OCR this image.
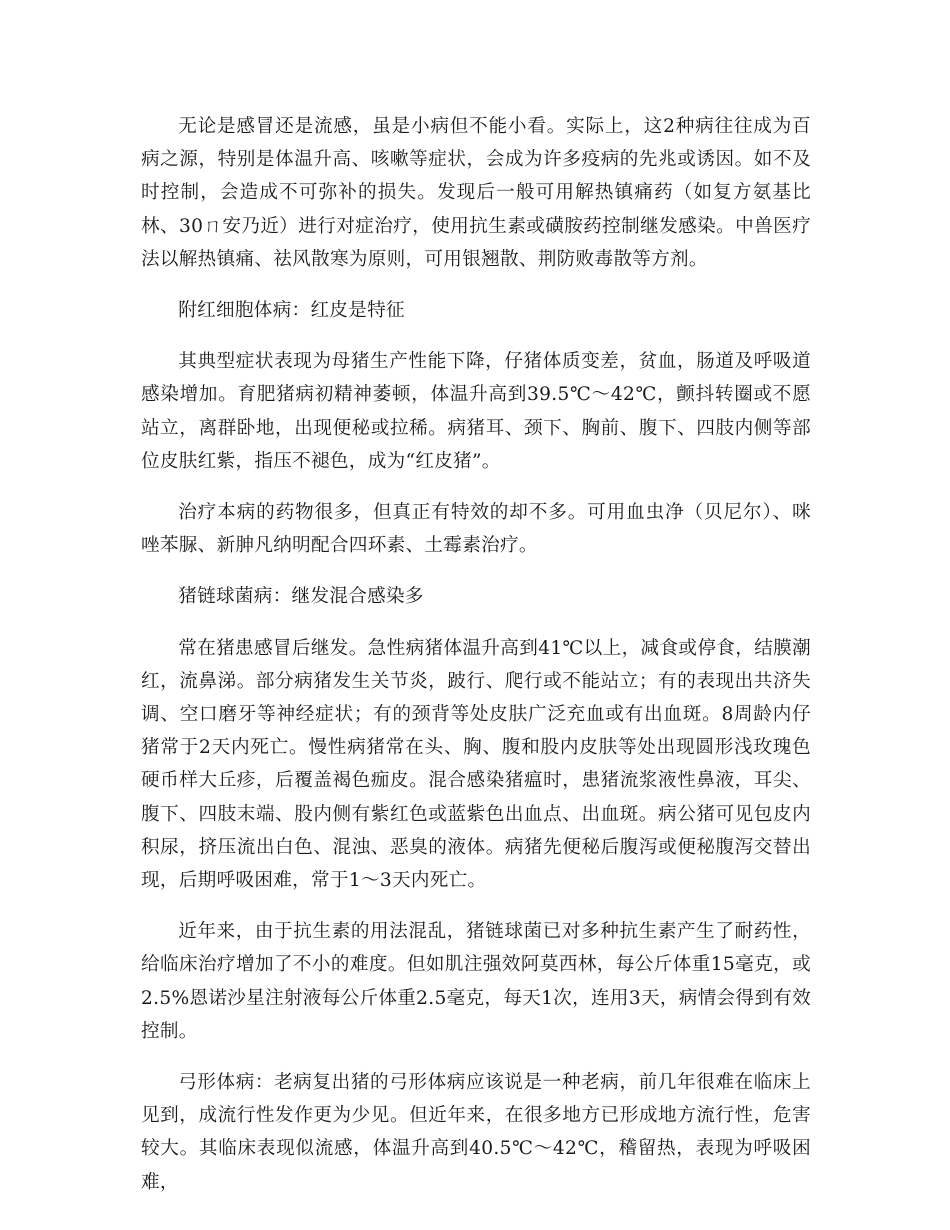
无论是感冒还是流感，虽是小病但不能小看。实际上，这2种病往往成为百病之源，特别是体温升高、咳嗽等症状，会成为许多疫病的先兆或诱因。如不及时控制，会造成不可弥补的损失。发现后一般可用解热镇痛药（如复方氨基比林、30ㄇ安乃近）进行对症治疗，使用抗生素或磺胺药控制继发感染。中兽医疗法以解热镇痛、祛风散寒为原则，可用银翘散、荆防败毒散等方剂。

附红细胞体病：红皮是特征

其典型症状表现为母猪生产性能下降，仔猪体质变差，贫血，肠道及呼吸道感染增加。育肥猪病初精神萎顿，体温升高到39.5℃～42℃，颤抖转圈或不愿站立，离群卧地，出现便秘或拉稀。病猪耳、颈下、胸前、腹下、四肢内侧等部位皮肤红紫，指压不褪色，成为“红皮猪”。

治疗本病的药物很多，但真正有特效的却不多。可用血虫净（贝尼尔）、咪唑苯脲、新胂凡纳明配合四环素、土霉素治疗。

猪链球菌病：继发混合感染多

常在猪患感冒后继发。急性病猪体温升高到41℃以上，减食或停食，结膜潮红，流鼻涕。部分病猪发生关节炎，跛行、爬行或不能站立；有的表现出共济失调、空口磨牙等神经症状；有的颈背等处皮肤广泛充血或有出血斑。8周龄内仔猪常于2天内死亡。慢性病猪常在头、胸、腹和股内皮肤等处出现圆形浅玫瑰色硬币样大丘疹，后覆盖褐色痂皮。混合感染猪瘟时，患猪流浆液性鼻液，耳尖、腹下、四肢末端、股内侧有紫红色或蓝紫色出血点、出血斑。病公猪可见包皮内积尿，挤压流出白色、混浊、恶臭的液体。病猪先便秘后腹泻或便秘腹泻交替出现，后期呼吸困难，常于1～3天内死亡。

近年来，由于抗生素的用法混乱，猪链球菌已对多种抗生素产生了耐药性，给临床治疗增加了不小的难度。但如肌注强效阿莫西林，每公斤体重15毫克，或2.5%恩诺沙星注射液每公斤体重2.5毫克，每天1次，连用3天，病情会得到有效控制。

弓形体病：老病复出猪的弓形体病应该说是一种老病，前几年很难在临床上见到，成流行性发作更为少见。但近年来，在很多地方已形成地方流行性，危害较大。其临床表现似流感，体温升高到40.5℃～42℃，稽留热，表现为呼吸困难，
